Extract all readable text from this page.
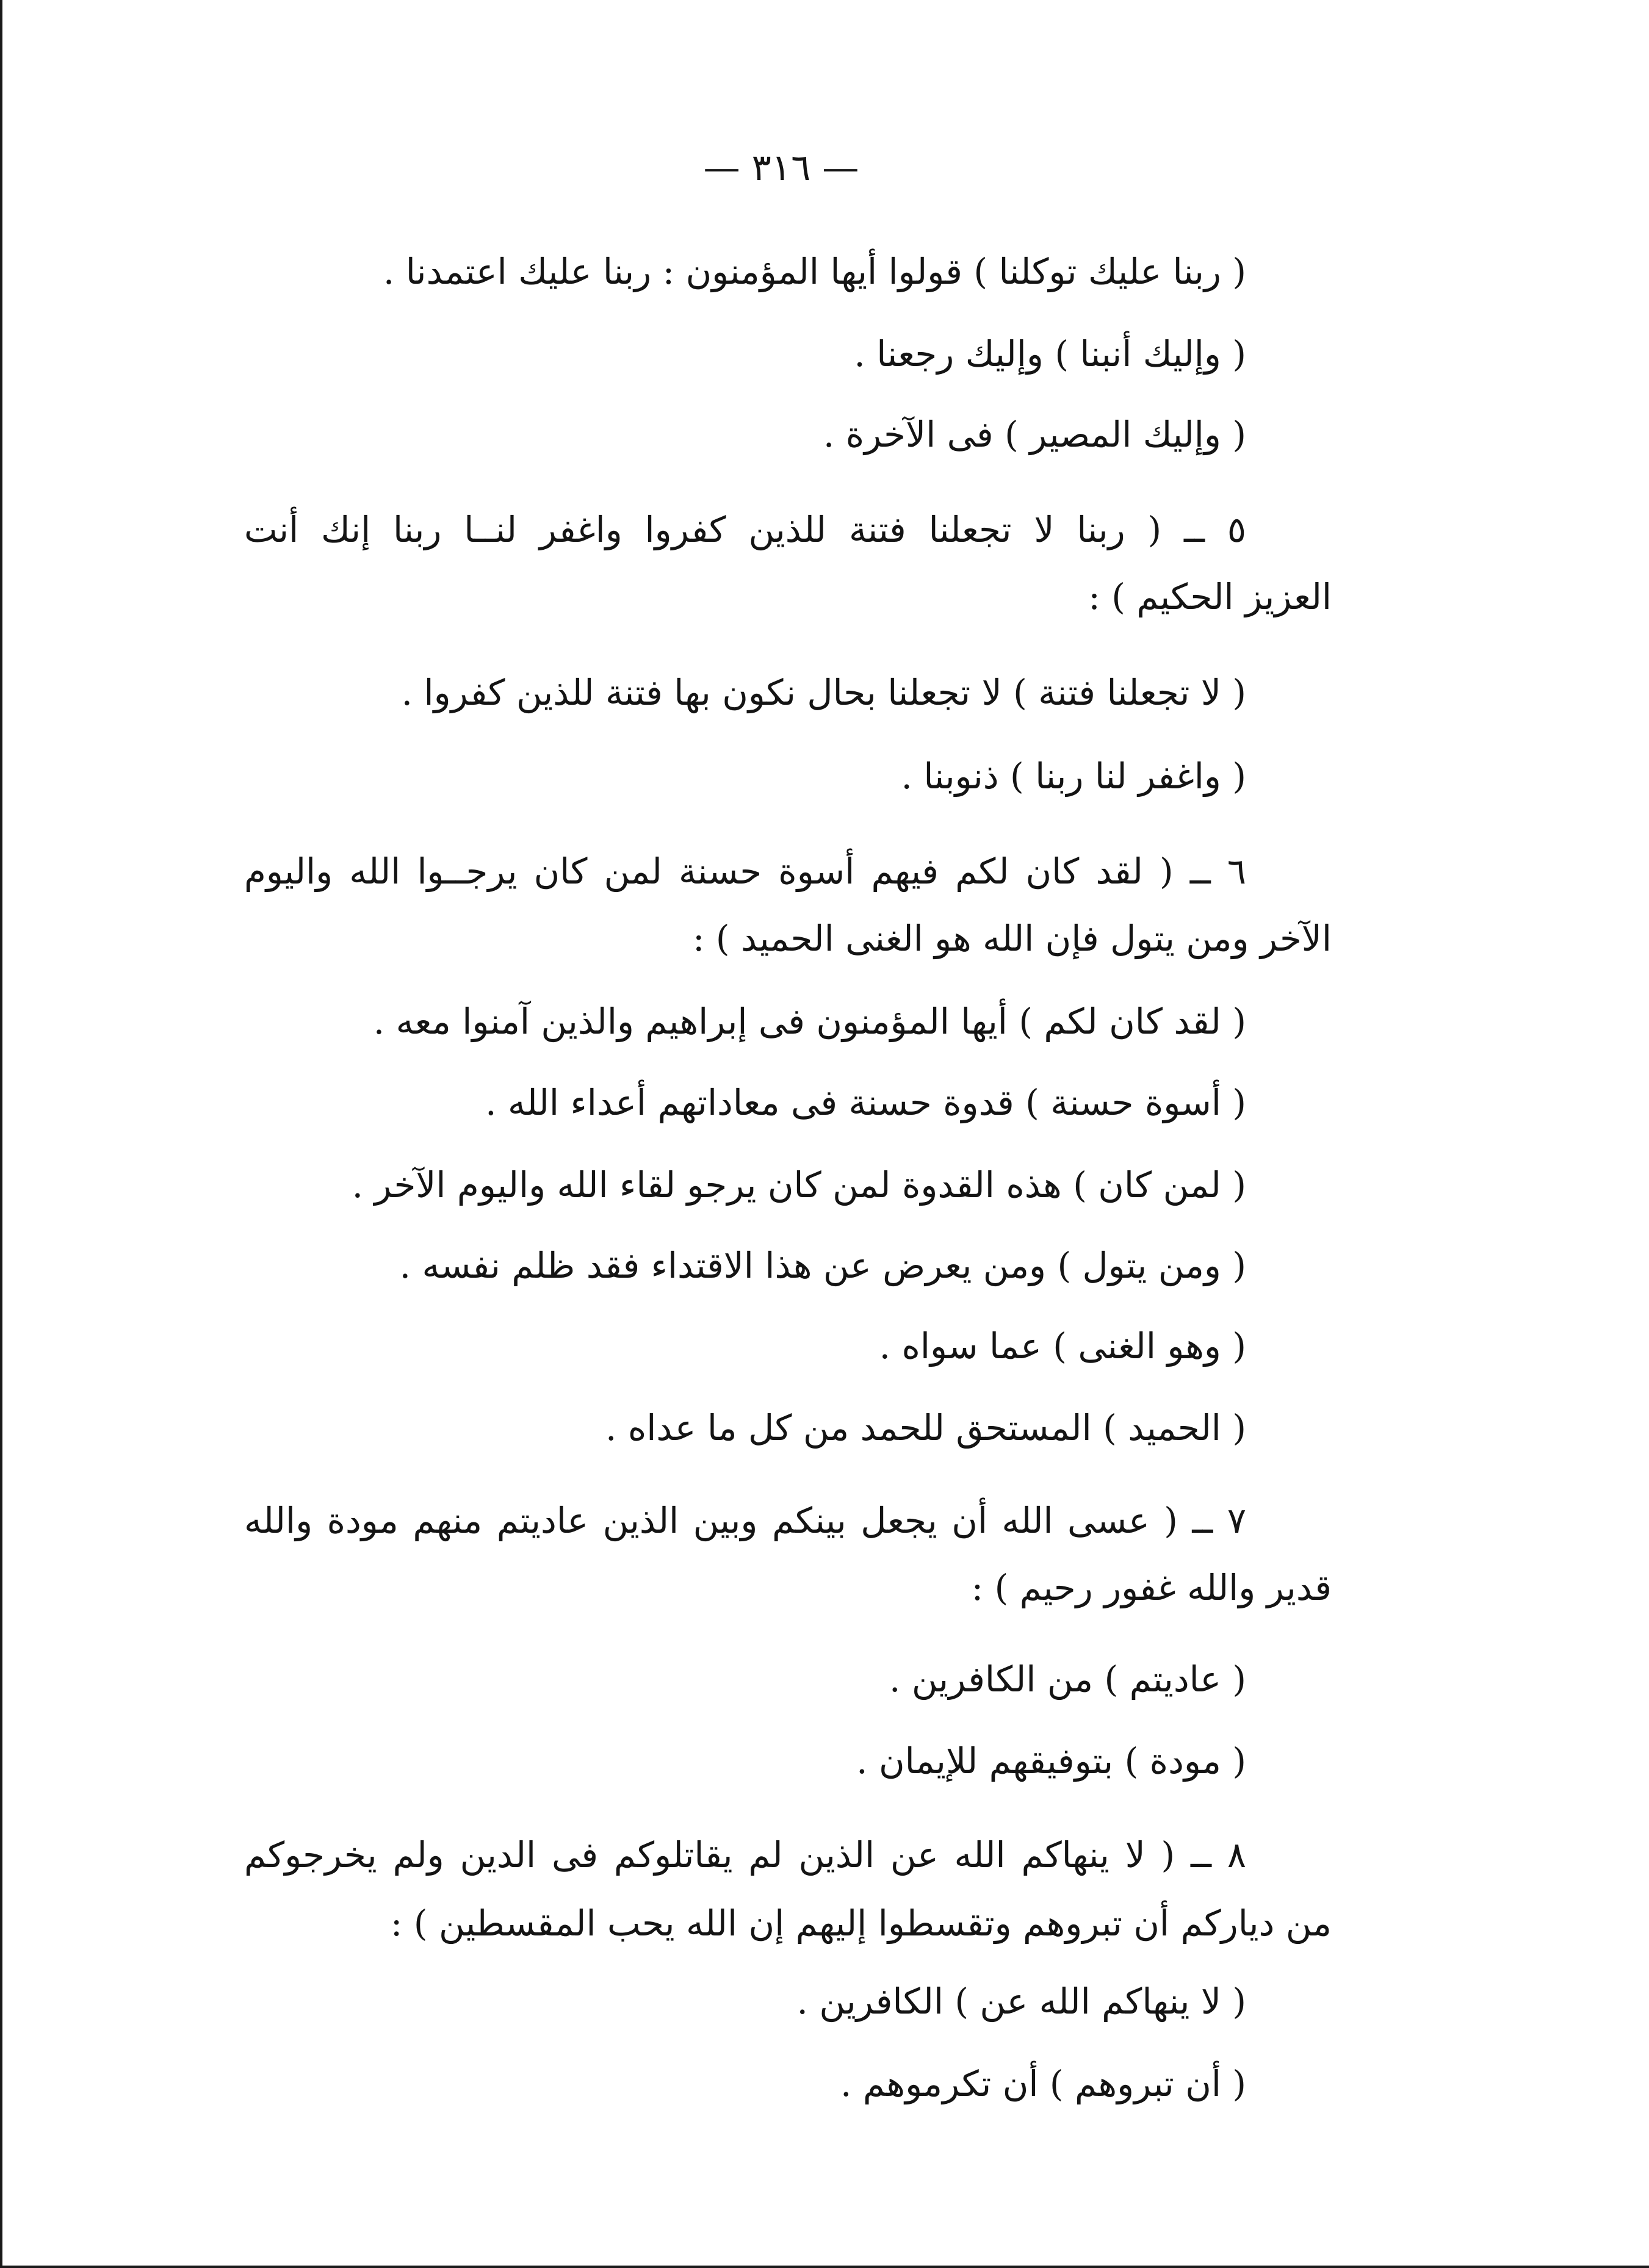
— ٣١٦ —
( ربنا عليك توكلنا ) قولوا أيها المؤمنون : ربنا عليك اعتمدنا .
( وإليك أنبنا ) وإليك رجعنا .
( وإليك المصير ) فى الآخرة .
٥ ــ ( ربنا لا تجعلنا فتنة للذين كفروا واغفر لنــا ربنا إنك أنت
العزيز الحكيم ) :
( لا تجعلنا فتنة ) لا تجعلنا بحال نكون بها فتنة للذين كفروا .
( واغفر لنا ربنا ) ذنوبنا .
٦ ــ ( لقد كان لكم فيهم أسوة حسنة لمن كان يرجــوا الله واليوم
الآخر ومن يتول فإن الله هو الغنى الحميد ) :
( لقد كان لكم ) أيها المؤمنون فى إبراهيم والذين آمنوا معه .
( أسوة حسنة ) قدوة حسنة فى معاداتهم أعداء الله .
( لمن كان ) هذه القدوة لمن كان يرجو لقاء الله واليوم الآخر .
( ومن يتول ) ومن يعرض عن هذا الاقتداء فقد ظلم نفسه .
( وهو الغنى ) عما سواه .
( الحميد ) المستحق للحمد من كل ما عداه .
٧ ــ ( عسى الله أن يجعل بينكم وبين الذين عاديتم منهم مودة والله
قدير والله غفور رحيم ) :
( عاديتم ) من الكافرين .
( مودة ) بتوفيقهم للإيمان .
٨ ــ ( لا ينهاكم الله عن الذين لم يقاتلوكم فى الدين ولم يخرجوكم
من دياركم أن تبروهم وتقسطوا إليهم إن الله يحب المقسطين ) :
( لا ينهاكم الله عن ) الكافرين .
( أن تبروهم ) أن تكرموهم .
